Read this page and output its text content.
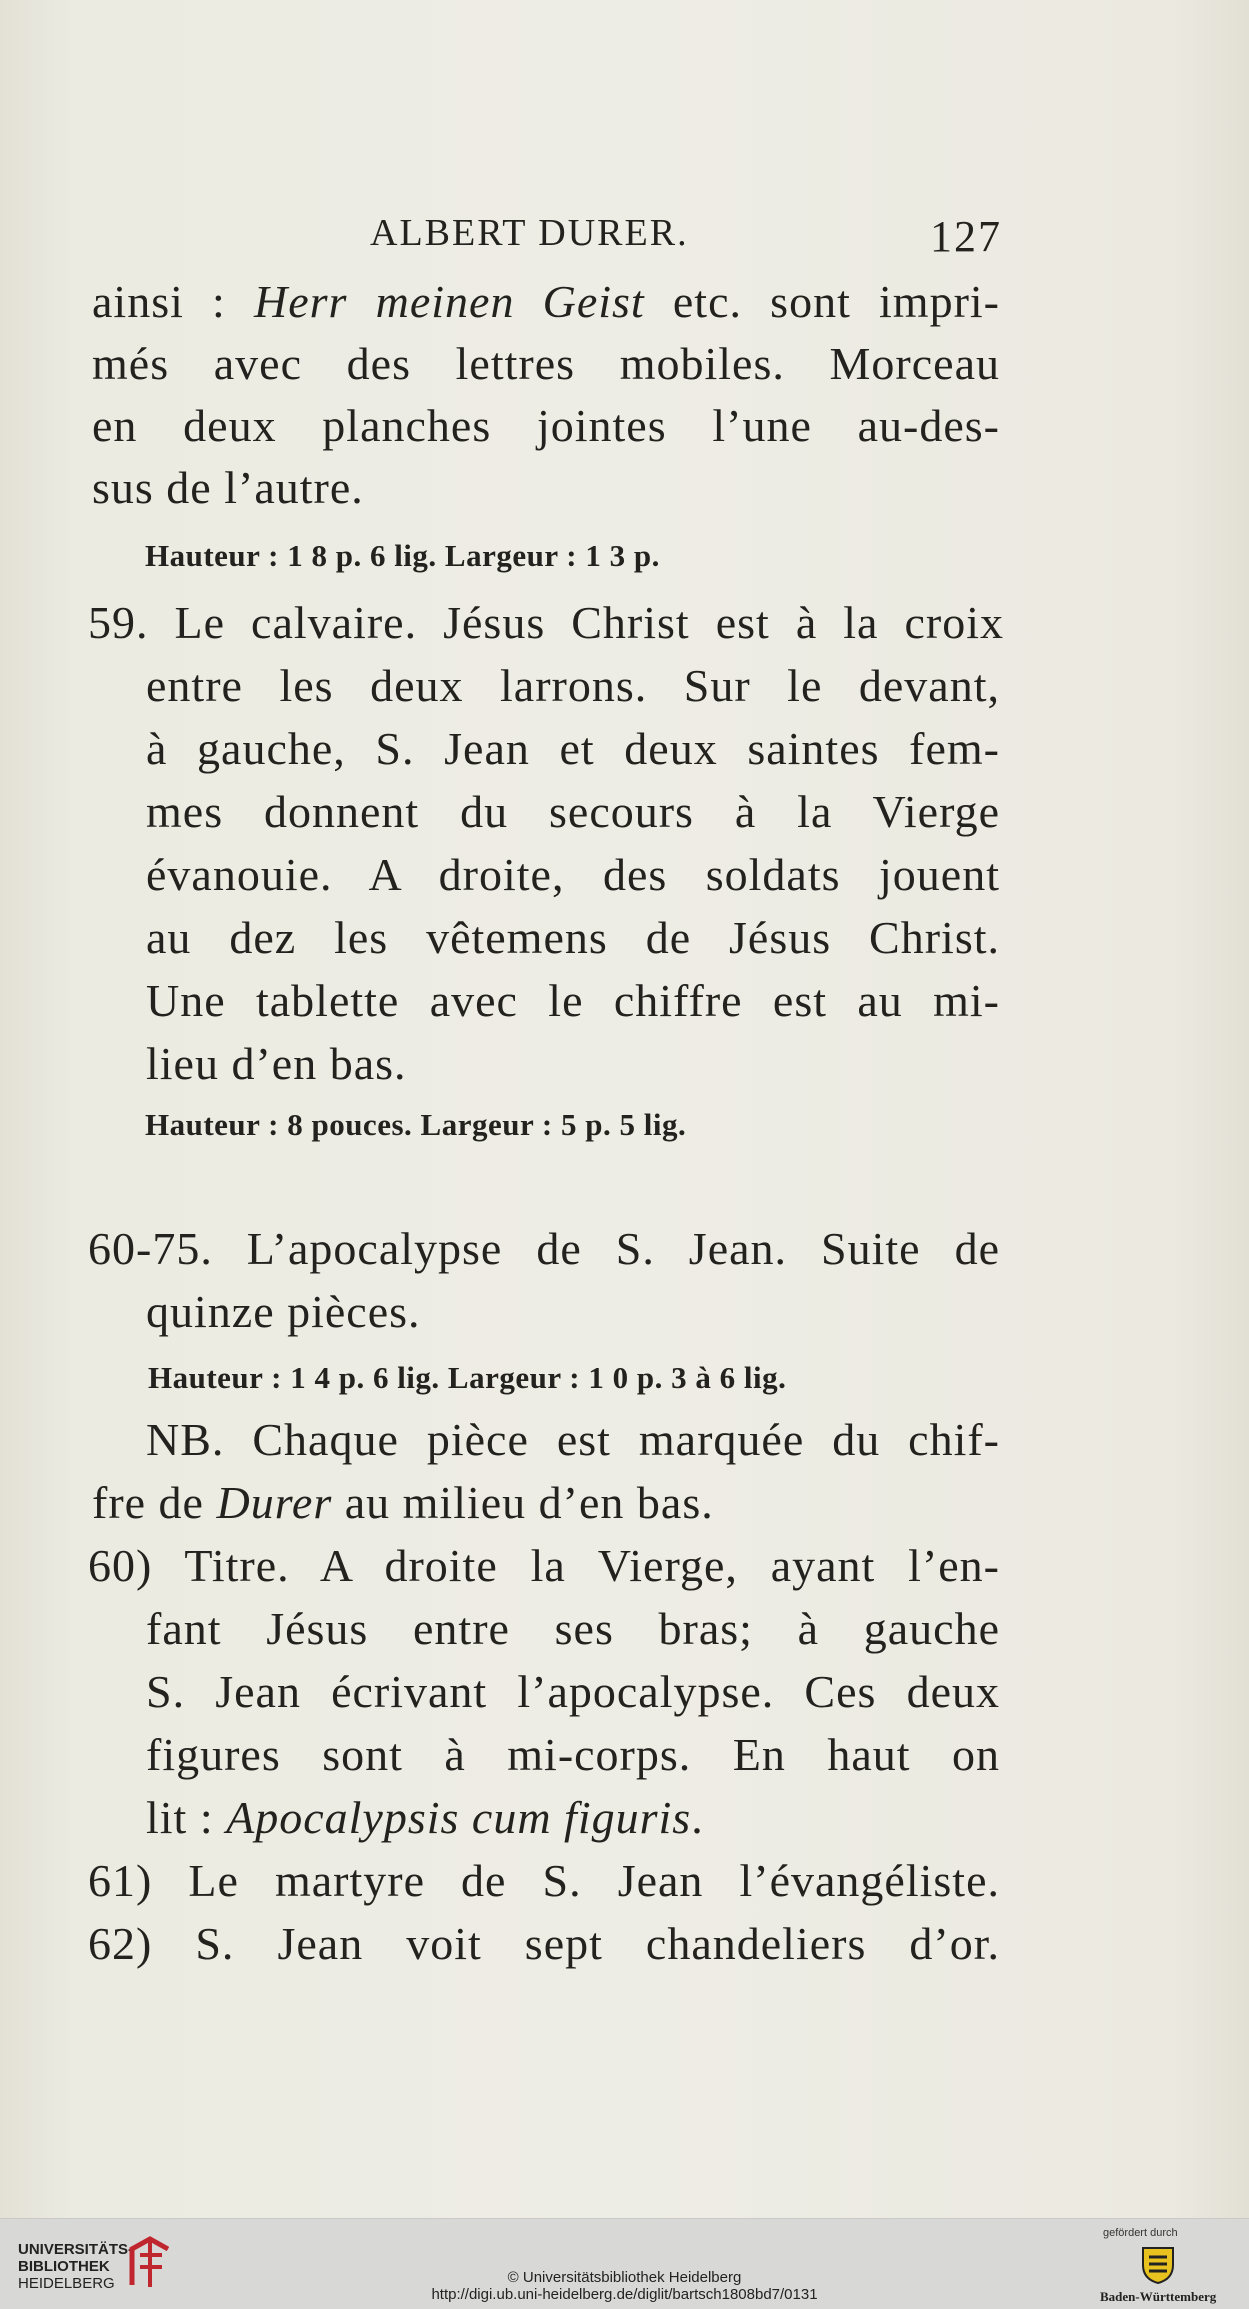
ALBERT DURER.	127
ainsi : Herr meinen Geist etc. sont impri-
més avec des lettres mobiles. Morceau
en deux planches jointes l’une au-des-
sus de l’autre.
Hauteur : 1 8 p. 6 lig. Largeur : 1 3 p.
59. Le calvaire. Jésus Christ est à la croix
entre les deux larrons. Sur le devant,
à gauche, S. Jean et deux saintes fem-
mes donnent du secours à la Vierge
évanouie. A droite, des soldats jouent
au dez les vêtemens de Jésus Christ.
Une tablette avec le chiffre est au mi-
lieu d’en bas.
Hauteur : 8 pouces. Largeur : 5 p. 5 lig.
60-75. L’apocalypse de S. Jean. Suite de
quinze pièces.
Hauteur : 1 4 p. 6 lig. Largeur : 1 0 p. 3 à 6 lig.
NB. Chaque pièce est marquée du chif-
fre de Durer au milieu d’en bas.
60) Titre. A droite la Vierge, ayant l’en-
fant Jésus entre ses bras; à gauche
S. Jean écrivant l’apocalypse. Ces deux
figures sont à mi-corps. En haut on
lit : Apocalypsis cum figuris.
61) Le martyre de S. Jean l’évangéliste.
62) S. Jean voit sept chandeliers d’or.
UNIVERSITÄTS-
BIBLIOTHEK
HEIDELBERG	© Universitätsbibliothek Heidelberg
http://digi.ub.uni-heidelberg.de/diglit/bartsch1808bd7/0131
gefördert durch
Baden-Württemberg
